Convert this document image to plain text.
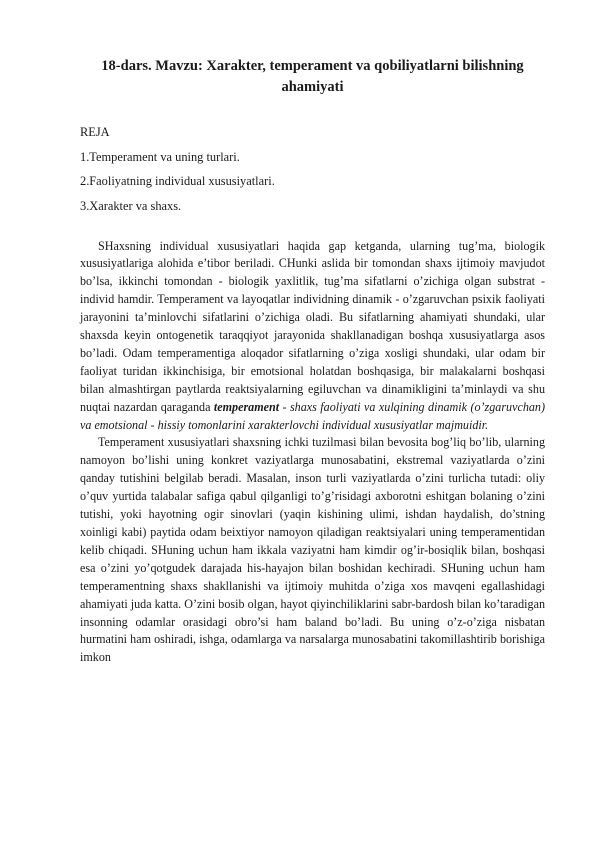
18-dars. Mavzu: Xarakter, temperament va qobiliyatlarni bilishning ahamiyati

REJA

1.Temperament va uning turlari.

2.Faoliyatning individual xususiyatlari.

3.Xarakter va shaxs.

SHaxsning individual xususiyatlari haqida gap ketganda, ularning tug’ma, biologik xususiyatlariga alohida e’tibor beriladi. CHunki aslida bir tomondan shaxs ijtimoiy mavjudot bo’lsa, ikkinchi tomondan - biologik yaxlitlik, tug’ma sifatlarni o’zichiga olgan substrat - individ hamdir. Temperament va layoqatlar individning dinamik - o’zgaruvchan psixik faoliyati jarayonini ta’minlovchi sifatlarini o’zichiga oladi. Bu sifatlarning ahamiyati shundaki, ular shaxsda keyin ontogenetik taraqqiyot jarayonida shakllanadigan boshqa xususiyatlarga asos bo’ladi. Odam temperamentiga aloqador sifatlarning o’ziga xosligi shundaki, ular odam bir faoliyat turidan ikkinchisiga, bir emotsional holatdan boshqasiga, bir malakalarni boshqasi bilan almashtirgan paytlarda reaktsiyalarning egiluvchan va dinamikligini ta’minlaydi va shu nuqtai nazardan qaraganda temperament - shaxs faoliyati va xulqining dinamik (o’zgaruvchan) va emotsional - hissiy tomonlarini xarakterlovchi individual xususiyatlar majmuidir.

Temperament xususiyatlari shaxsning ichki tuzilmasi bilan bevosita bog’liq bo’lib, ularning namoyon bo’lishi uning konkret vaziyatlarga munosabatini, ekstremal vaziyatlarda o’zini qanday tutishini belgilab beradi. Masalan, inson turli vaziyatlarda o’zini turlicha tutadi: oliy o’quv yurtida talabalar safiga qabul qilganligi to’g’risidagi axborotni eshitgan bolaning o’zini tutishi, yoki hayotning ogir sinovlari (yaqin kishining ulimi, ishdan haydalish, do’stning xoinligi kabi) paytida odam beixtiyor namoyon qiladigan reaktsiyalari uning temperamentidan kelib chiqadi. SHuning uchun ham ikkala vaziyatni ham kimdir og’ir-bosiqlik bilan, boshqasi esa o’zini yo’qotgudek darajada his-hayajon bilan boshidan kechiradi. SHuning uchun ham temperamentning shaxs shakllanishi va ijtimoiy muhitda o’ziga xos mavqeni egallashidagi ahamiyati juda katta. O’zini bosib olgan, hayot qiyinchiliklarini sabr-bardosh bilan ko’taradigan insonning odamlar orasidagi obro’si ham baland bo’ladi. Bu uning o’z-o’ziga nisbatan hurmatini ham oshiradi, ishga, odamlarga va narsalarga munosabatini takomillashtirib borishiga imkon
